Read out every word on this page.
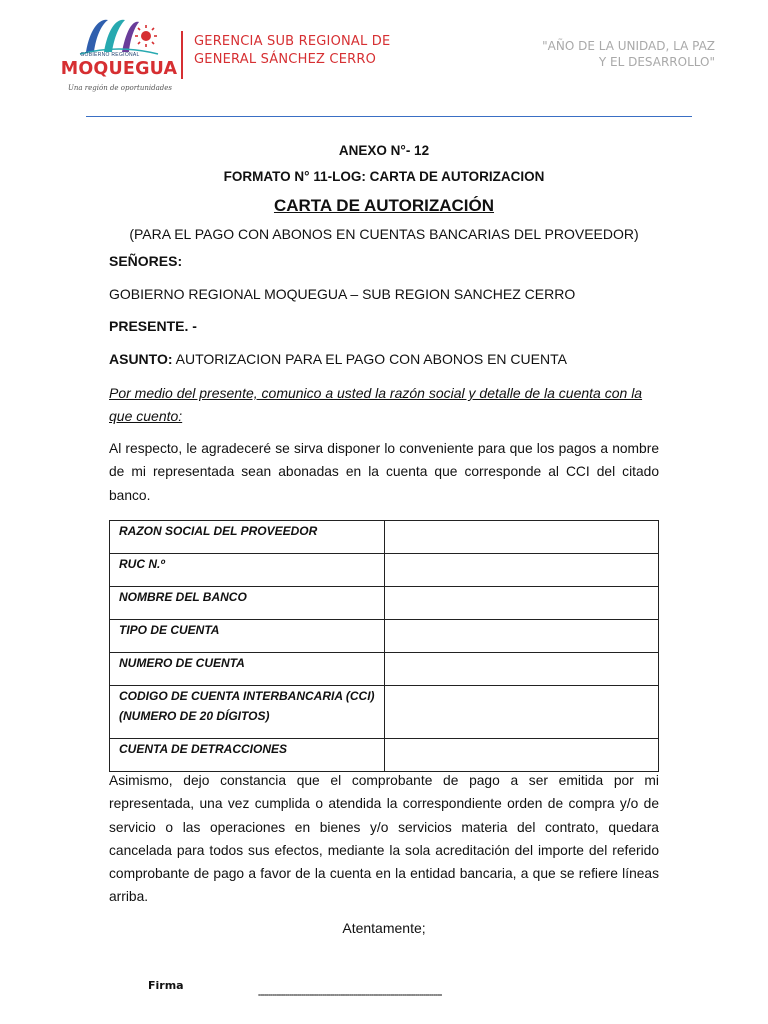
GOBIERNO REGIONAL
MOQUEGUA
Una región de oportunidades
GERENCIA SUB REGIONAL DE
GENERAL SÁNCHEZ CERRO
"AÑO DE LA UNIDAD, LA PAZ
Y EL DESARROLLO"
ANEXO N°- 12
FORMATO N° 11-LOG: CARTA DE AUTORIZACION
CARTA DE AUTORIZACIÓN
(PARA EL PAGO CON ABONOS EN CUENTAS BANCARIAS DEL PROVEEDOR)
SEÑORES:
GOBIERNO REGIONAL MOQUEGUA – SUB REGION SANCHEZ CERRO
PRESENTE. -
ASUNTO: AUTORIZACION PARA EL PAGO CON ABONOS EN CUENTA
Por medio del presente, comunico a usted la razón social y detalle de la cuenta con la que cuento:
Al respecto, le agradeceré se sirva disponer lo conveniente para que los pagos a nombre de mi representada sean abonadas en la cuenta que corresponde al CCI del citado banco.
RAZON SOCIAL DEL PROVEEDOR	
RUC N.º	
NOMBRE DEL BANCO	
TIPO DE CUENTA	
NUMERO DE CUENTA	
CODIGO DE CUENTA INTERBANCARIA (CCI) (NUMERO DE 20 DÍGITOS)	
CUENTA DE DETRACCIONES	
Asimismo, dejo constancia que el comprobante de pago a ser emitida por mi representada, una vez cumplida o atendida la correspondiente orden de compra y/o de servicio o las operaciones en bienes y/o servicios materia del contrato, quedara cancelada para todos sus efectos, mediante la sola acreditación del importe del referido comprobante de pago a favor de la cuenta en la entidad bancaria, a que se refiere líneas arriba.
Atentamente;
Firma
-----------------------------------------------------------------------------------------
